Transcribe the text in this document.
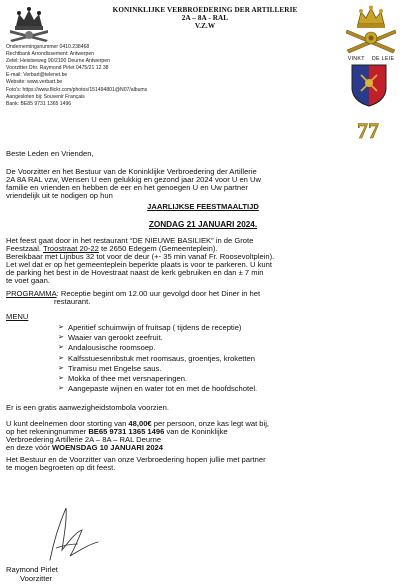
KONINKLIJKE VERBROEDERING DER ARTILLERIE
2A – 8A - RAL
V.Z.W
VINKT DE LEIE
77
Ondernemingsnummer 0410.238468
Rechtbank Arrondissement: Antwerpen
Zetel: Heistseweg 90/2100 Deurne Antwerpen
Voorzitter Dhr. Raymond Pirlet 0475/21 12 38
E-mail: Verbart@telenet.be
Website: www.verbart.be
Foto's: https://www.flickr.com/photos/151494801@N07/albums
Aangesloten bij: Souvenir Français
Bank: BE85 9731 1365 1496
Beste Leden en Vrienden,
De Voorzitter en het Bestuur van de Koninklijke Verbroedering der Artillerie
2A 8A RAL vzw, Wensen U een gelukkig en gezond jaar 2024 voor U en Uw
familie en vrienden en hebben de eer en het genoegen U en Uw partner
vriendelijk uit te nodigen op hun
JAARLIJKSE FEESTMAALTIJD
ZONDAG 21 JANUARI 2024.
Het feest gaat door in het restaurant “DE NIEUWE BASILIEK” in de Grote
Feestzaal. Troostraat 20-22 te 2650 Edegem (Gemeenteplein).
Bereikbaar met Lijnbus 32 tot voor de deur (+- 35 min vanaf Fr. Roosevoltplein).
Let wel dat er op het gemeenteplein beperkte plaats is voor te parkeren. U kunt
de parking het best in de Hovestraat naast de kerk gebruiken en dan ± 7 min
te voet gaan.
PROGRAMMA: Receptie begint om 12.00 uur gevolgd door het Diner in het
restaurant.
MENU
➢ Aperitief schuimwijn of fruitsap ( tijdens de receptie)
➢ Waaier van gerookt zeefruit.
➢ Andalousische roomsoep.
➢ Kalfsstuesenribstuk met roomsaus, groentjes, kroketten
➢ Tiramisu met Engelse saus.
➢ Mokka of thee met versnaperingen.
➢ Aangepaste wijnen en water tot en met de hoofdschotel.
Er is een gratis aanwezigheidstombola voorzien.
U kunt deelnemen door storting van 48,00€ per persoon, onze kas legt wat bij,
op het rekeningnummer BE65 9731 1365 1496 van de Koninklijke
Verbroedering Artillerie 2A – 8A – RAL Deurne
en deze vóór WOENSDAG 10 JANUARI 2024
Het Bestuur en de Voorzitter van onze Verbroedering hopen jullie met partner
te mogen begroeten op dit feest.
Raymond Pirlet
Voorzitter
